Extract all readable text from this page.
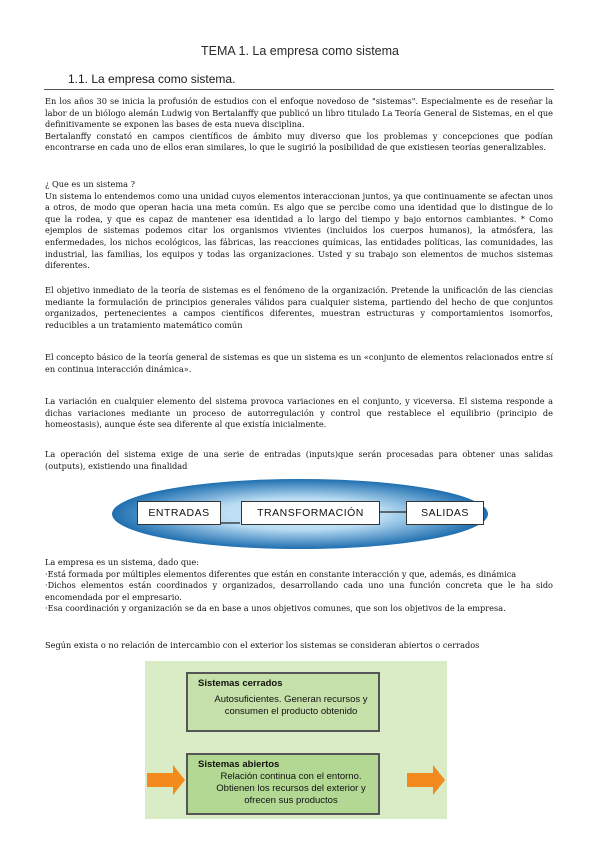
TEMA 1. La empresa como sistema
1.1. La empresa como sistema.

En los años 30 se inicia la profusión de estudios con el enfoque novedoso de "sistemas". Especialmente es de reseñar la labor de un biólogo alemán Ludwig von Bertalanffy que publicó un libro titulado La Teoría General de Sistemas, en el que definitivamente se exponen las bases de esta nueva disciplina.

Bertalanffy constató en campos científicos de ámbito muy diverso que los problemas y concepciones que podían encontrarse en cada uno de ellos eran similares, lo que le sugirió la posibilidad de que existiesen teorías generalizables.

¿ Que es un sistema ?

Un sistema lo entendemos como una unidad cuyos elementos interaccionan juntos, ya que continuamente se afectan unos a otros, de modo que operan hacia una meta común. Es algo que se percibe como una identidad que lo distingue de lo que la rodea, y que es capaz de mantener esa identidad a lo largo del tiempo y bajo entornos cambiantes. * Como ejemplos de sistemas podemos citar los organismos vivientes (incluidos los cuerpos humanos), la atmósfera, las enfermedades, los nichos ecológicos, las fábricas, las reacciones químicas, las entidades políticas, las comunidades, las industrial, las familias, los equipos y todas las organizaciones. Usted y su trabajo son elementos de muchos sistemas diferentes.

El objetivo inmediato de la teoría de sistemas es el fenómeno de la organización. Pretende la unificación de las ciencias mediante la formulación de principios generales válidos para cualquier sistema, partiendo del hecho de que conjuntos organizados, pertenecientes a campos científicos diferentes, muestran estructuras y comportamientos isomorfos, reducibles a un tratamiento matemático común
El concepto básico de la teoría general de sistemas es que un sistema es un «conjunto de elementos relacionados entre sí en continua interacción dinámica».
La variación en cualquier elemento del sistema provoca variaciones en el conjunto, y viceversa. El sistema responde a dichas variaciones mediante un proceso de autorregulación y control que restablece el equilibrio (principio de homeostasis), aunque éste sea diferente al que existía inicialmente.
La operación del sistema exige de una serie de entradas (inputs)que serán procesadas para obtener unas salidas (outputs), existiendo una finalidad
ENTRADAS	TRANSFORMACIÓN	SALIDAS

La empresa es un sistema, dado que:

·Está formada por múltiples elementos diferentes que están en constante interacción y que, además, es dinámica

·Dichos elementos están coordinados y organizados, desarrollando cada uno una función concreta que le ha sido encomendada por el empresario.

·Esa coordinación y organización se da en base a unos objetivos comunes, que son los objetivos de la empresa.

Según exista o no relación de intercambio con el exterior los sistemas se consideran abiertos o cerrados
Sistemas cerrados
Autosuficientes. Generan recursos y consumen el producto obtenido
Sistemas abiertos
Relación continua con el entorno.
Obtienen los recursos del exterior y ofrecen sus productos
